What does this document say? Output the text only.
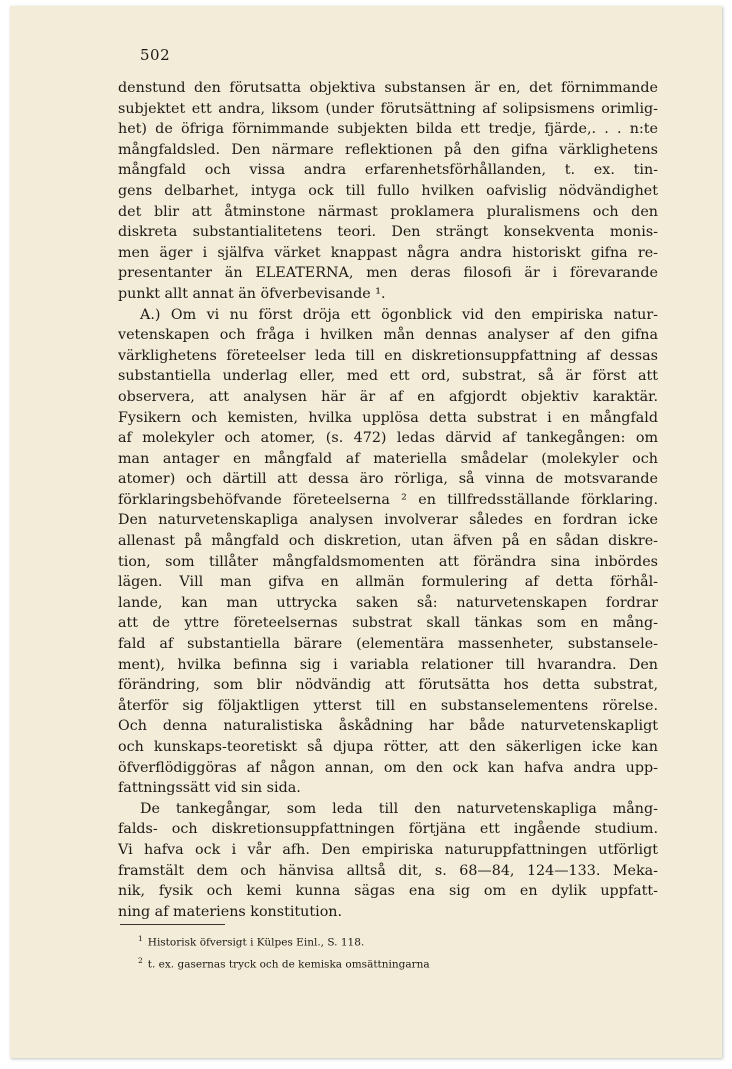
502
denstund den förutsatta objektiva substansen är en, det förnimmande
subjektet ett andra, liksom (under förutsättning af solipsismens orimlig-
het) de öfriga förnimmande subjekten bilda ett tredje, fjärde,. . . n:te
mångfaldsled. Den närmare reflektionen på den gifna värklighetens
mångfald och vissa andra erfarenhetsförhållanden, t. ex. tin-
gens delbarhet, intyga ock till fullo hvilken oafvislig nödvändighet
det blir att åtminstone närmast proklamera pluralismens och den
diskreta substantialitetens teori. Den strängt konsekventa monis-
men äger i själfva värket knappast några andra historiskt gifna re-
presentanter än ELEATERNA, men deras filosofi är i förevarande
punkt allt annat än öfverbevisande ¹.
A.) Om vi nu först dröja ett ögonblick vid den empiriska natur-
vetenskapen och fråga i hvilken mån dennas analyser af den gifna
värklighetens företeelser leda till en diskretionsuppfattning af dessas
substantiella underlag eller, med ett ord, substrat, så är först att
observera, att analysen här är af en afgjordt objektiv karaktär.
Fysikern och kemisten, hvilka upplösa detta substrat i en mångfald
af molekyler och atomer, (s. 472) ledas därvid af tankegången: om
man antager en mångfald af materiella smådelar (molekyler och
atomer) och därtill att dessa äro rörliga, så vinna de motsvarande
förklaringsbehöfvande företeelserna ² en tillfredsställande förklaring.
Den naturvetenskapliga analysen involverar således en fordran icke
allenast på mångfald och diskretion, utan äfven på en sådan diskre-
tion, som tillåter mångfaldsmomenten att förändra sina inbördes
lägen. Vill man gifva en allmän formulering af detta förhål-
lande, kan man uttrycka saken så: naturvetenskapen fordrar
att de yttre företeelsernas substrat skall tänkas som en mång-
fald af substantiella bärare (elementära massenheter, substansele-
ment), hvilka befinna sig i variabla relationer till hvarandra. Den
förändring, som blir nödvändig att förutsätta hos detta substrat,
återför sig följaktligen ytterst till en substanselementens rörelse.
Och denna naturalistiska åskådning har både naturvetenskapligt
och kunskaps-teoretiskt så djupa rötter, att den säkerligen icke kan
öfverflödiggöras af någon annan, om den ock kan hafva andra upp-
fattningssätt vid sin sida.
De tankegångar, som leda till den naturvetenskapliga mång-
falds- och diskretionsuppfattningen förtjäna ett ingående studium.
Vi hafva ock i vår afh. Den empiriska naturuppfattningen utförligt
framstält dem och hänvisa alltså dit, s. 68—84, 124—133. Meka-
nik, fysik och kemi kunna sägas ena sig om en dylik uppfatt-
ning af materiens konstitution.
$^1$ Historisk öfversigt i Külpes Einl., S. 118.
$^2$ t. ex. gasernas tryck och de kemiska omsättningarna
